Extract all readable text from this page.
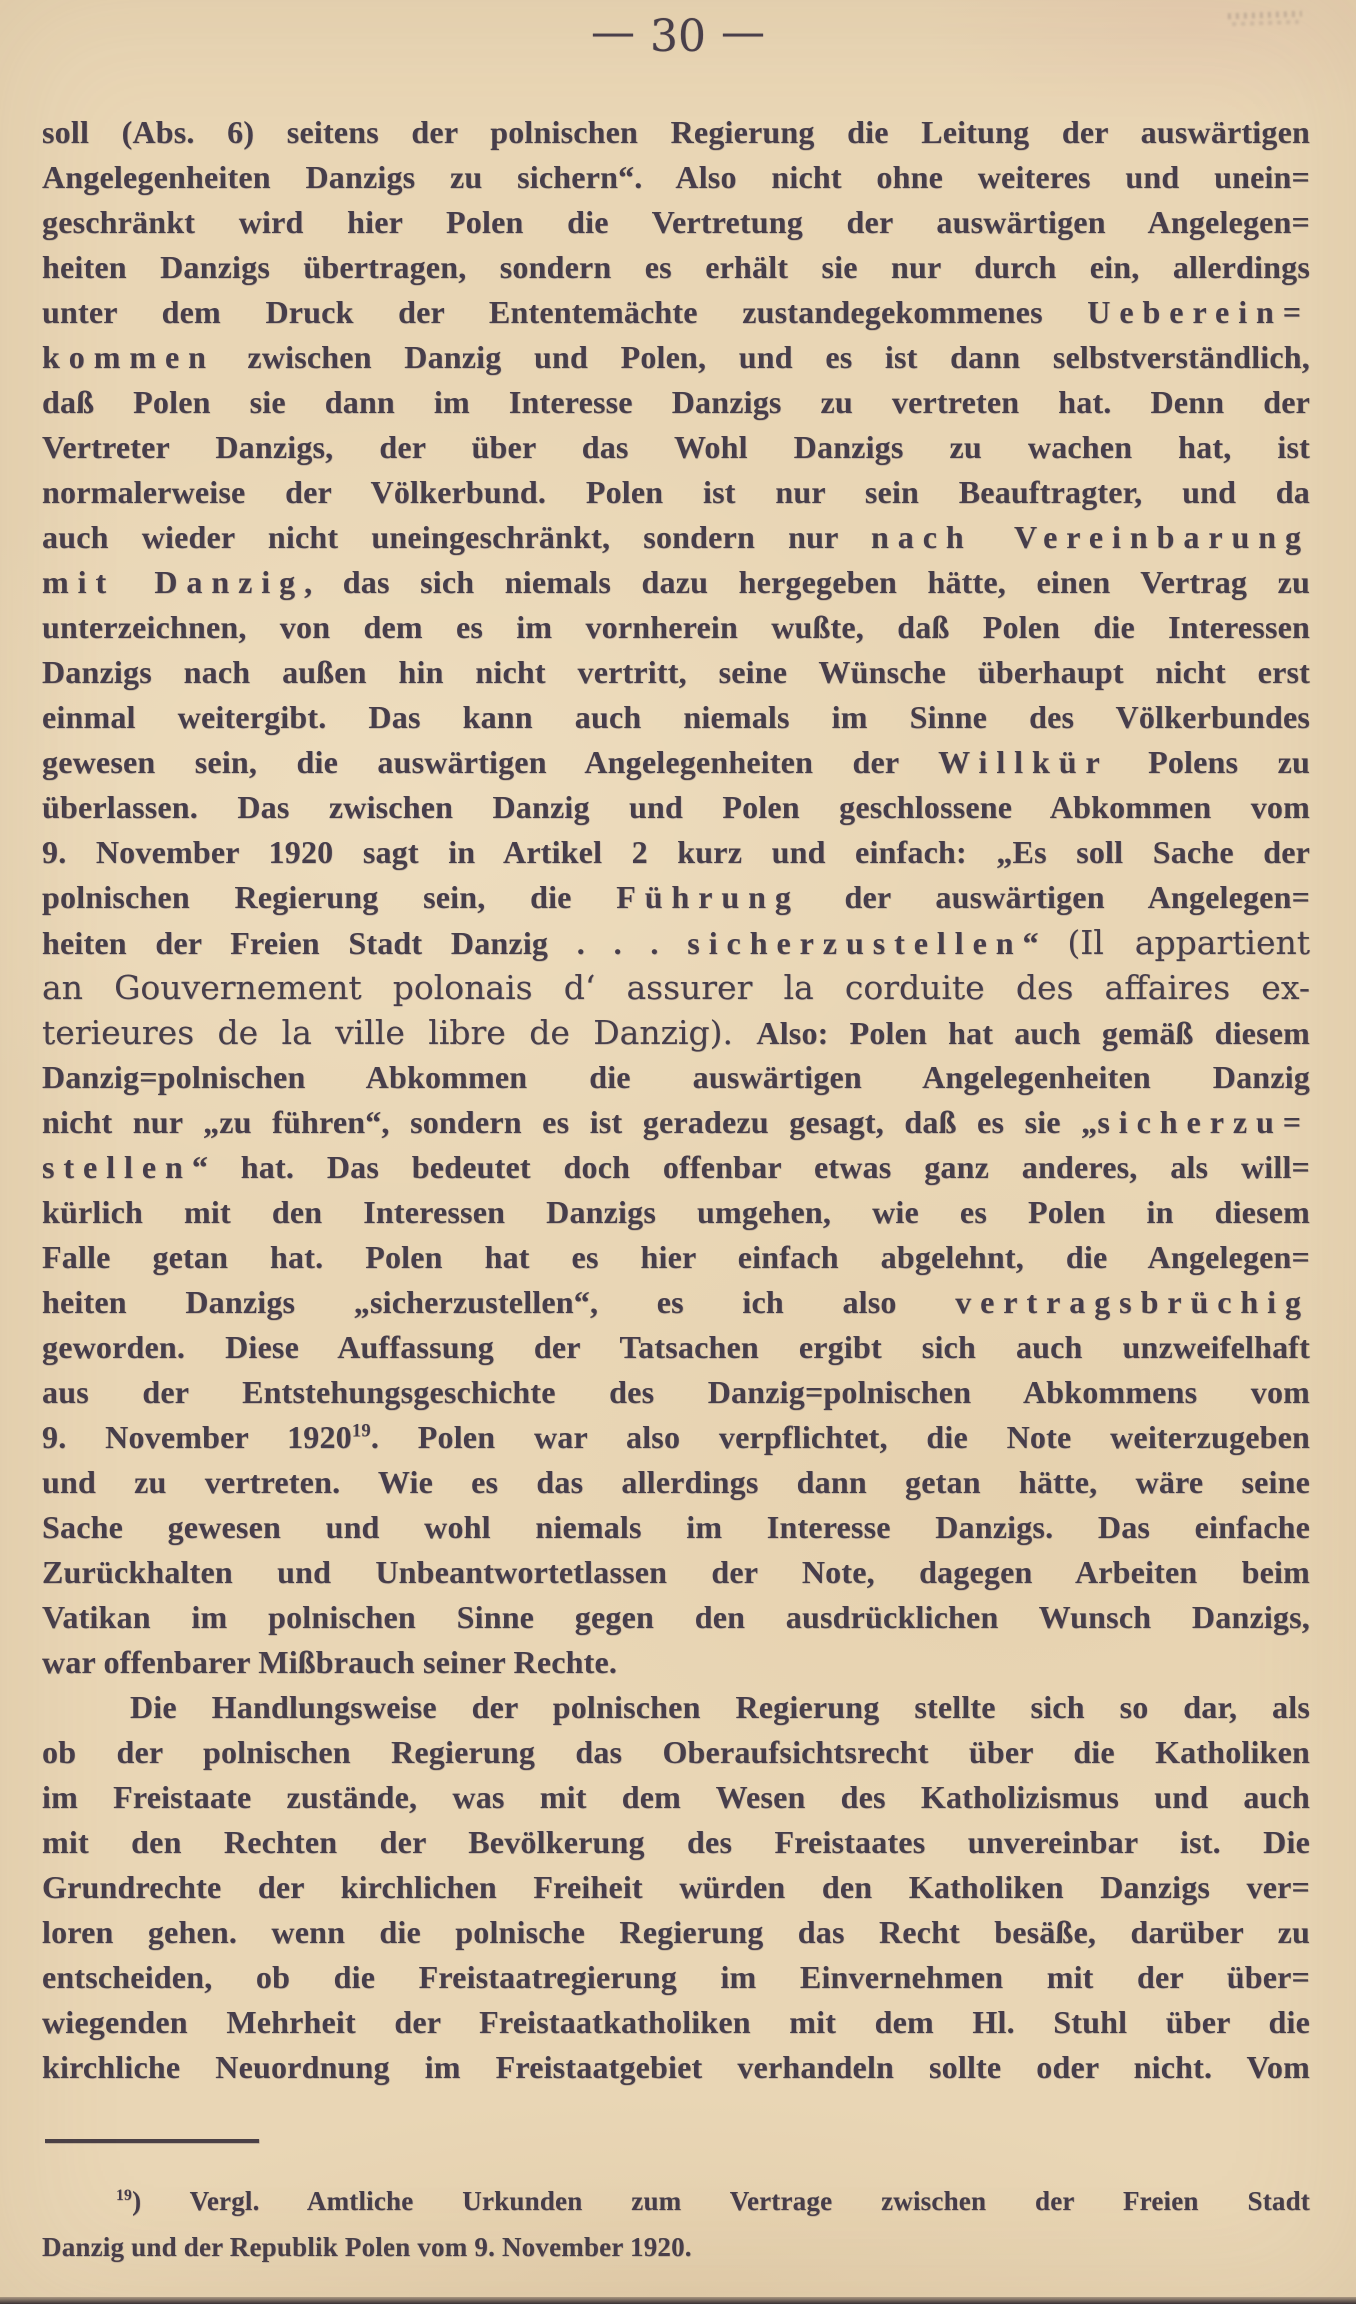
— 30 —
soll (Abs. 6) seitens der polnischen Regierung die Leitung der auswärtigen
Angelegenheiten Danzigs zu sichern“. Also nicht ohne weiteres und unein=
geschränkt wird hier Polen die Vertretung der auswärtigen Angelegen=
heiten Danzigs übertragen, sondern es erhält sie nur durch ein, allerdings
unter dem Druck der Ententemächte zustandegekommenes Ueberein=
kommen zwischen Danzig und Polen, und es ist dann selbstverständlich,
daß Polen sie dann im Interesse Danzigs zu vertreten hat. Denn der
Vertreter Danzigs, der über das Wohl Danzigs zu wachen hat, ist
normalerweise der Völkerbund. Polen ist nur sein Beauftragter, und da
auch wieder nicht uneingeschränkt, sondern nur nach Vereinbarung
mit Danzig, das sich niemals dazu hergegeben hätte, einen Vertrag zu
unterzeichnen, von dem es im vornherein wußte, daß Polen die Interessen
Danzigs nach außen hin nicht vertritt, seine Wünsche überhaupt nicht erst
einmal weitergibt. Das kann auch niemals im Sinne des Völkerbundes
gewesen sein, die auswärtigen Angelegenheiten der Willkür Polens zu
überlassen. Das zwischen Danzig und Polen geschlossene Abkommen vom
9. November 1920 sagt in Artikel 2 kurz und einfach: „Es soll Sache der
polnischen Regierung sein, die Führung der auswärtigen Angelegen=
heiten der Freien Stadt Danzig . . . sicherzustellen“ (Il appartient
an Gouvernement polonais d‘ assurer la corduite des affaires ex-
terieures de la ville libre de Danzig). Also: Polen hat auch gemäß diesem
Danzig=polnischen Abkommen die auswärtigen Angelegenheiten Danzig
nicht nur „zu führen“, sondern es ist geradezu gesagt, daß es sie „sicherzu=
stellen“ hat. Das bedeutet doch offenbar etwas ganz anderes, als will=
kürlich mit den Interessen Danzigs umgehen, wie es Polen in diesem
Falle getan hat. Polen hat es hier einfach abgelehnt, die Angelegen=
heiten Danzigs „sicherzustellen“, es ich also vertragsbrüchig
geworden. Diese Auffassung der Tatsachen ergibt sich auch unzweifelhaft
aus der Entstehungsgeschichte des Danzig=polnischen Abkommens vom
9. November 1920$^{19}$. Polen war also verpflichtet, die Note weiterzugeben
und zu vertreten. Wie es das allerdings dann getan hätte, wäre seine
Sache gewesen und wohl niemals im Interesse Danzigs. Das einfache
Zurückhalten und Unbeantwortetlassen der Note, dagegen Arbeiten beim
Vatikan im polnischen Sinne gegen den ausdrücklichen Wunsch Danzigs,
war offenbarer Mißbrauch seiner Rechte.
Die Handlungsweise der polnischen Regierung stellte sich so dar, als
ob der polnischen Regierung das Oberaufsichtsrecht über die Katholiken
im Freistaate zustände, was mit dem Wesen des Katholizismus und auch
mit den Rechten der Bevölkerung des Freistaates unvereinbar ist. Die
Grundrechte der kirchlichen Freiheit würden den Katholiken Danzigs ver=
loren gehen. wenn die polnische Regierung das Recht besäße, darüber zu
entscheiden, ob die Freistaatregierung im Einvernehmen mit der über=
wiegenden Mehrheit der Freistaatkatholiken mit dem Hl. Stuhl über die
kirchliche Neuordnung im Freistaatgebiet verhandeln sollte oder nicht. Vom
$^{19}$) Vergl. Amtliche Urkunden zum Vertrage zwischen der Freien Stadt
Danzig und der Republik Polen vom 9. November 1920.
